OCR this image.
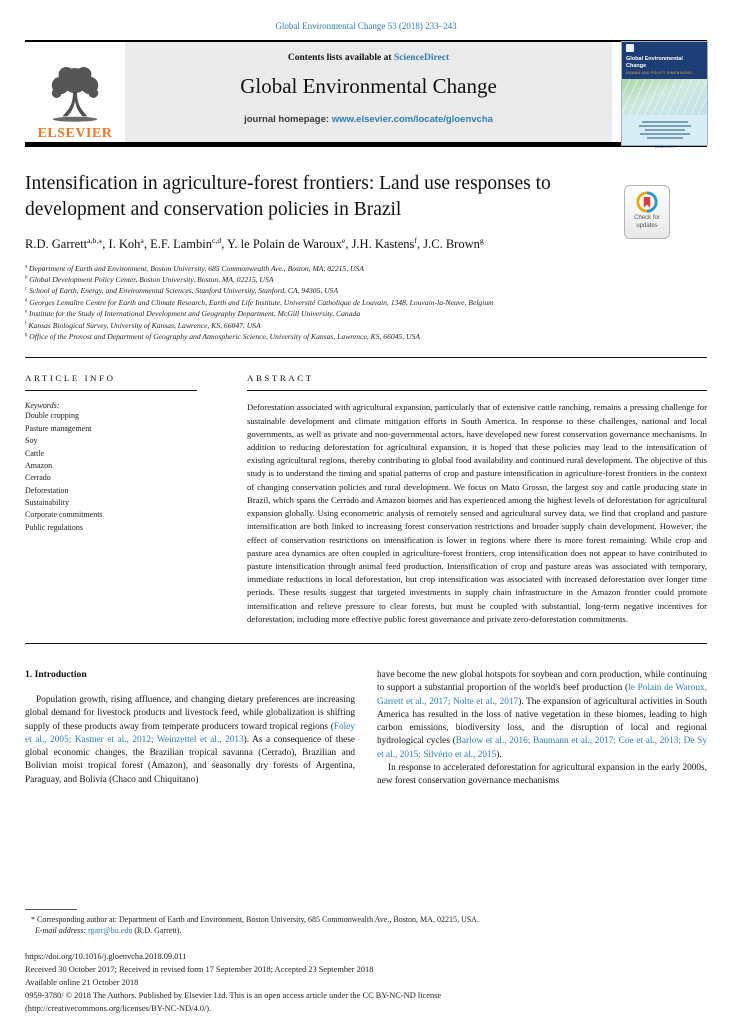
Global Environmental Change 53 (2018) 233–243
ELSEVIER
Contents lists available at ScienceDirect
Global Environmental Change
journal homepage: www.elsevier.com/locate/gloenvcha
Global Environmental Change
HUMAN AND POLICY DIMENSIONS
ELSEVIER
Intensification in agriculture-forest frontiers: Land use responses to development and conservation policies in Brazil	Check for updates
R.D. Garrett$^{a,b,⁎}$, I. Koh$^a$, E.F. Lambin$^{c,d}$, Y. le Polain de Waroux$^e$, J.H. Kastens$^f$, J.C. Brown$^g$
$^a$ Department of Earth and Environment, Boston University, 685 Commonwealth Ave., Boston, MA, 02215, USA
$^b$ Global Development Policy Center, Boston University, Boston, MA, 02215, USA
$^c$ School of Earth, Energy, and Environmental Sciences, Stanford University, Stanford, CA, 94305, USA
$^d$ Georges Lemaître Centre for Earth and Climate Research, Earth and Life Institute, Université Catholique de Louvain, 1348, Louvain-la-Neuve, Belgium
$^e$ Institute for the Study of International Development and Geography Department, McGill University, Canada
$^f$ Kansas Biological Survey, University of Kansas, Lawrence, KS, 66047, USA
$^g$ Office of the Provost and Department of Geography and Atmospheric Science, University of Kansas, Lawrence, KS, 66045, USA
ARTICLE INFO
Keywords:
Double cropping
Pasture management
Soy
Cattle
Amazon
Cerrado
Deforestation
Sustainability
Corporate commitments
Public regulations
ABSTRACT
Deforestation associated with agricultural expansion, particularly that of extensive cattle ranching, remains a pressing challenge for sustainable development and climate mitigation efforts in South America. In response to these challenges, national and local governments, as well as private and non-governmental actors, have developed new forest conservation governance mechanisms. In addition to reducing deforestation for agricultural expansion, it is hoped that these policies may lead to the intensification of existing agricultural regions, thereby contributing to global food availability and continued rural development. The objective of this study is to understand the timing and spatial patterns of crop and pasture intensification in agriculture-forest frontiers in the context of changing conservation policies and rural development. We focus on Mato Grosso, the largest soy and cattle producing state in Brazil, which spans the Cerrado and Amazon biomes and has experienced among the highest levels of deforestation for agricultural expansion globally. Using econometric analysis of remotely sensed and agricultural survey data, we find that cropland and pasture intensification are both linked to increasing forest conservation restrictions and broader supply chain development. However, the effect of conservation restrictions on intensification is lower in regions where there is more forest remaining. While crop and pasture area dynamics are often coupled in agriculture-forest frontiers, crop intensification does not appear to have contributed to pasture intensification through animal feed production. Intensification of crop and pasture areas was associated with temporary, immediate reductions in local deforestation, but crop intensification was associated with increased deforestation over longer time periods. These results suggest that targeted investments in supply chain infrastructure in the Amazon frontier could promote intensification and relieve pressure to clear forests, but must be coupled with substantial, long-term negative incentives for deforestation, including more effective public forest governance and private zero-deforestation commitments.
1. Introduction

Population growth, rising affluence, and changing dietary preferences are increasing global demand for livestock products and livestock feed, while globalization is shifting supply of these products away from temperate producers toward tropical regions (Foley et al., 2005; Kastner et al., 2012; Weinzettel et al., 2013). As a consequence of these global economic changes, the Brazilian tropical savanna (Cerrado), Brazilian and Bolivian moist tropical forest (Amazon), and seasonally dry forests of Argentina, Paraguay, and Bolivia (Chaco and Chiquitano)

have become the new global hotspots for soybean and corn production, while continuing to support a substantial proportion of the world's beef production (le Polain de Waroux, Garrett et al., 2017; Nolte et al., 2017). The expansion of agricultural activities in South America has resulted in the loss of native vegetation in these biomes, leading to high carbon emissions, biodiversity loss, and the disruption of local and regional hydrological cycles (Barlow et al., 2016; Baumann et al., 2017; Coe et al., 2013; De Sy et al., 2015; Silvério et al., 2015).

In response to accelerated deforestation for agricultural expansion in the early 2000s, new forest conservation governance mechanisms

* Corresponding author at: Department of Earth and Environment, Boston University, 685 Commonwealth Ave., Boston, MA, 02215, USA.
E-mail address: rgarr@bu.edu (R.D. Garrett).
https://doi.org/10.1016/j.gloenvcha.2018.09.011
Received 30 October 2017; Received in revised form 17 September 2018; Accepted 23 September 2018
Available online 21 October 2018
0959-3780/ © 2018 The Authors. Published by Elsevier Ltd. This is an open access article under the CC BY-NC-ND license
(http://creativecommons.org/licenses/BY-NC-ND/4.0/).
